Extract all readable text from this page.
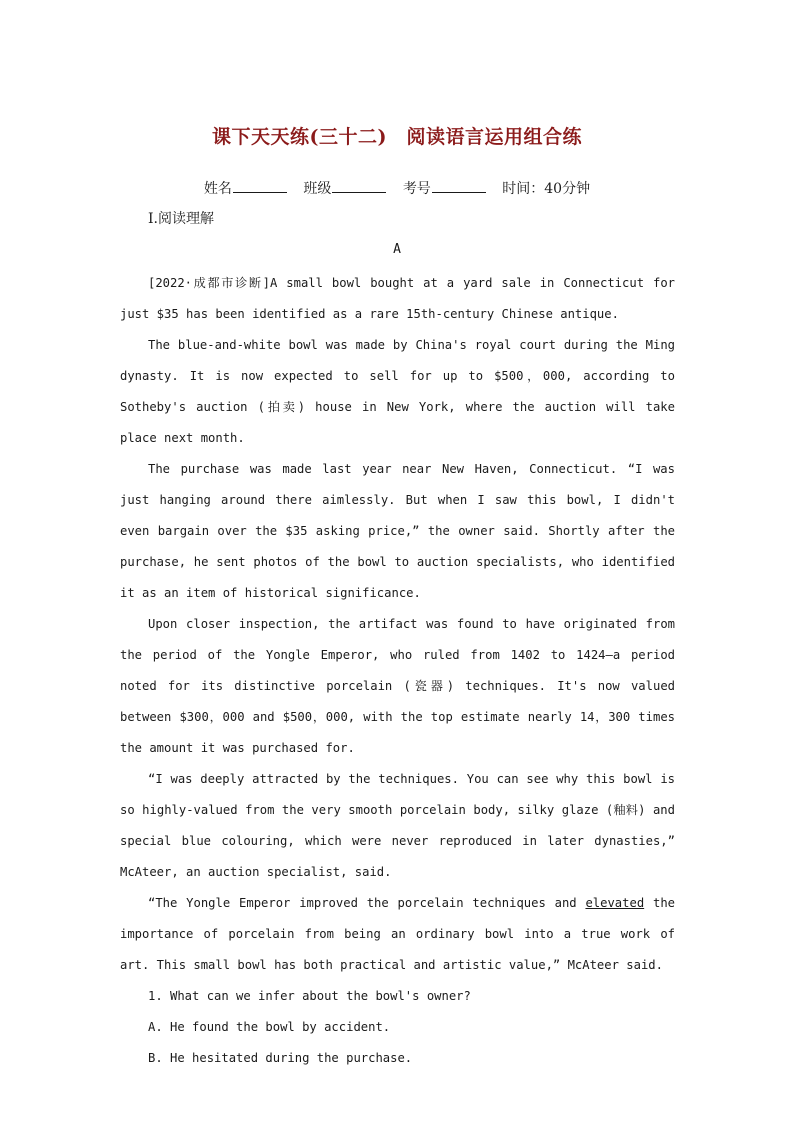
课下天天练(三十二)　阅读语言运用组合练
姓名	班级	考号	时间：40分钟
Ⅰ.阅读理解
A

[2022·成都市诊断]A small bowl bought at a yard sale in Connecticut for just $35 has been identified as a rare 15th-century Chinese antique.

The blue-and-white bowl was made by China's royal court during the Ming dynasty. It is now expected to sell for up to $500，000, according to Sotheby's auction (拍卖) house in New York, where the auction will take place next month.

The purchase was made last year near New Haven, Connecticut. “I was just hanging around there aimlessly. But when I saw this bowl, I didn't even bargain over the $35 asking price,” the owner said. Shortly after the purchase, he sent photos of the bowl to auction specialists, who identified it as an item of historical significance.

Upon closer inspection, the artifact was found to have originated from the period of the Yongle Emperor, who ruled from 1402 to 1424—a period noted for its distinctive porcelain (瓷器) techniques. It's now valued between $300，000 and $500，000, with the top estimate nearly 14，300 times the amount it was purchased for.

“I was deeply attracted by the techniques. You can see why this bowl is so highly-valued from the very smooth porcelain body, silky glaze (釉料) and special blue colouring, which were never reproduced in later dynasties,” McAteer, an auction specialist, said.

“The Yongle Emperor improved the porcelain techniques and elevated the importance of porcelain from being an ordinary bowl into a true work of art. This small bowl has both practical and artistic value,” McAteer said.

1. What can we infer about the bowl's owner?

A. He found the bowl by accident.

B. He hesitated during the purchase.
